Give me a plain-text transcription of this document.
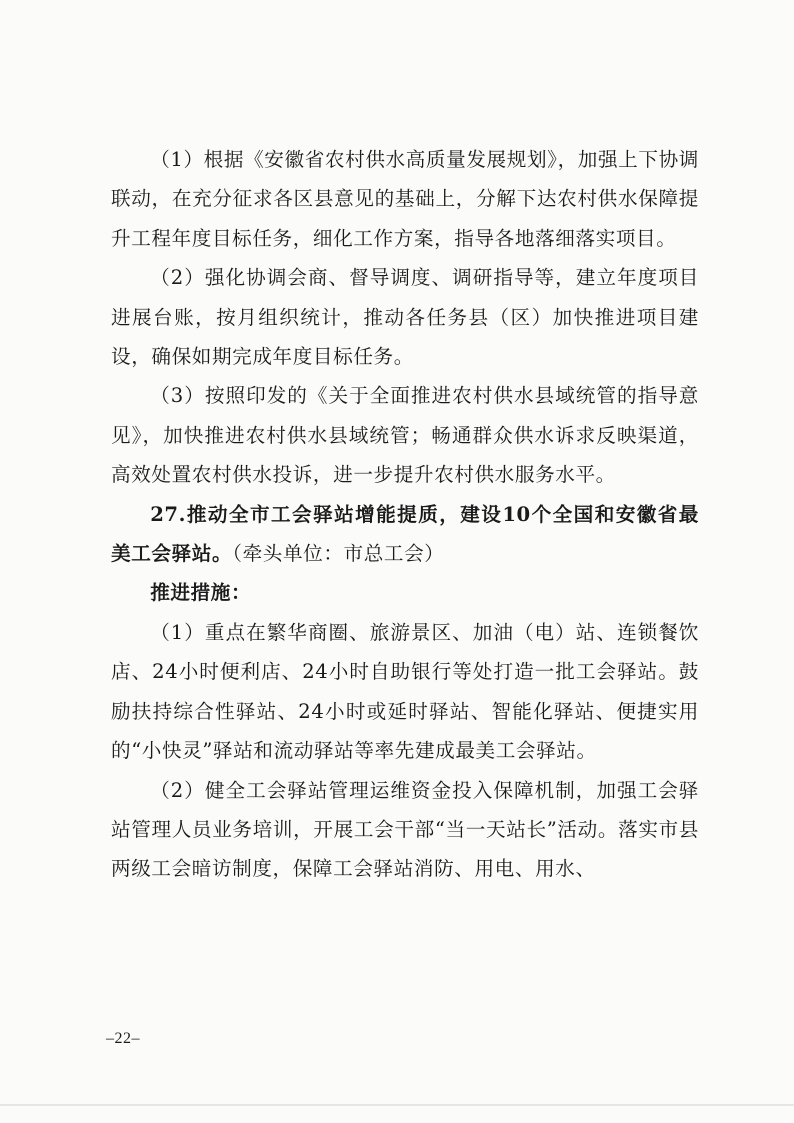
（1）根据《安徽省农村供水高质量发展规划》，加强上下协调联动，在充分征求各区县意见的基础上，分解下达农村供水保障提升工程年度目标任务，细化工作方案，指导各地落细落实项目。

（2）强化协调会商、督导调度、调研指导等，建立年度项目进展台账，按月组织统计，推动各任务县（区）加快推进项目建设，确保如期完成年度目标任务。

（3）按照印发的《关于全面推进农村供水县域统管的指导意见》，加快推进农村供水县域统管；畅通群众供水诉求反映渠道，高效处置农村供水投诉，进一步提升农村供水服务水平。

27.推动全市工会驿站增能提质，建设10个全国和安徽省最美工会驿站。（牵头单位：市总工会）

推进措施：

（1）重点在繁华商圈、旅游景区、加油（电）站、连锁餐饮店、24小时便利店、24小时自助银行等处打造一批工会驿站。鼓励扶持综合性驿站、24小时或延时驿站、智能化驿站、便捷实用的“小快灵”驿站和流动驿站等率先建成最美工会驿站。

（2）健全工会驿站管理运维资金投入保障机制，加强工会驿站管理人员业务培训，开展工会干部“当一天站长”活动。落实市县两级工会暗访制度，保障工会驿站消防、用电、用水、

–22–
